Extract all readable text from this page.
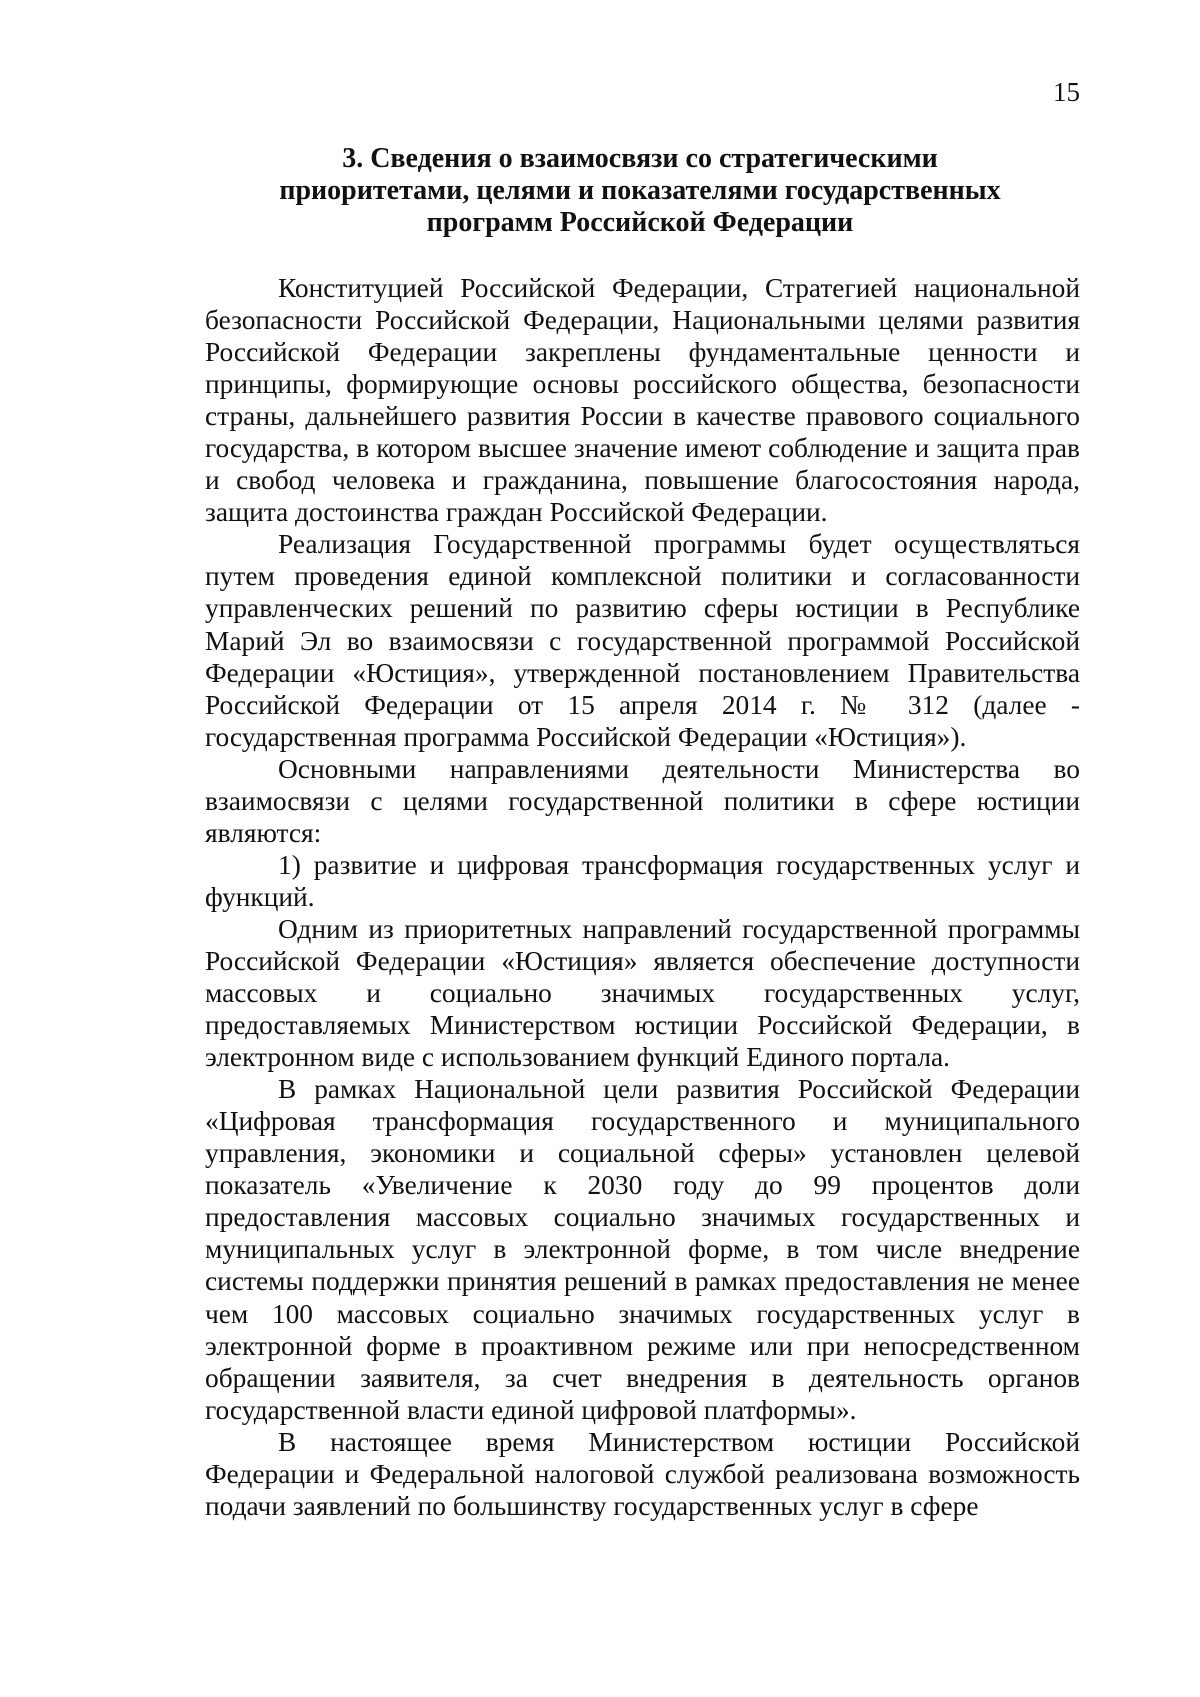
15
3. Сведения о взаимосвязи со стратегическими
приоритетами, целями и показателями государственных
программ Российской Федерации

Конституцией Российской Федерации, Стратегией национальной безопасности Российской Федерации, Национальными целями развития Российской Федерации закреплены фундаментальные ценности и принципы, формирующие основы российского общества, безопасности страны, дальнейшего развития России в качестве правового социального государства, в котором высшее значение имеют соблюдение и защита прав и свобод человека и гражданина, повышение благосостояния народа, защита достоинства граждан Российской Федерации.

Реализация Государственной программы будет осуществляться путем проведения единой комплексной политики и согласованности управленческих решений по развитию сферы юстиции в Республике Марий Эл во взаимосвязи с государственной программой Российской Федерации «Юстиция», утвержденной постановлением Правительства Российской Федерации от 15 апреля 2014 г. № 312 (далее - государственная программа Российской Федерации «Юстиция»).

Основными направлениями деятельности Министерства во взаимосвязи с целями государственной политики в сфере юстиции являются:

1) развитие и цифровая трансформация государственных услуг и функций.

Одним из приоритетных направлений государственной программы Российской Федерации «Юстиция» является обеспечение доступности массовых и социально значимых государственных услуг, предоставляемых Министерством юстиции Российской Федерации, в электронном виде с использованием функций Единого портала.

В рамках Национальной цели развития Российской Федерации «Цифровая трансформация государственного и муниципального управления, экономики и социальной сферы» установлен целевой показатель «Увеличение к 2030 году до 99 процентов доли предоставления массовых социально значимых государственных и муниципальных услуг в электронной форме, в том числе внедрение системы поддержки принятия решений в рамках предоставления не менее чем 100 массовых социально значимых государственных услуг в электронной форме в проактивном режиме или при непосредственном обращении заявителя, за счет внедрения в деятельность органов государственной власти единой цифровой платформы».

В настоящее время Министерством юстиции Российской Федерации и Федеральной налоговой службой реализована возможность подачи заявлений по большинству государственных услуг в сфере
